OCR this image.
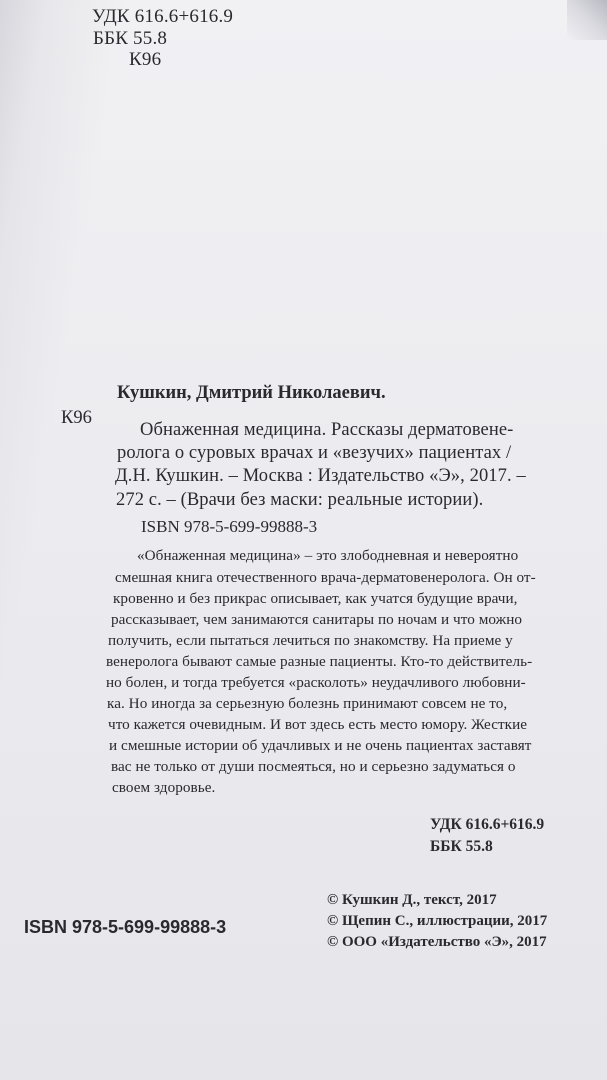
УДК 616.6+616.9
ББК 55.8
К96
Кушкин, Дмитрий Николаевич.
К96
Обнаженная медицина. Рассказы дерматовене-
ролога о суровых врачах и «везучих» пациентах /
Д.Н. Кушкин. – Москва : Издательство «Э», 2017. –
272 с. – (Врачи без маски: реальные истории).
ISBN 978-5-699-99888-3
«Обнаженная медицина» – это злободневная и невероятно
смешная книга отечественного врача-дерматовенеролога. Он от-
кровенно и без прикрас описывает, как учатся будущие врачи,
рассказывает, чем занимаются санитары по ночам и что можно
получить, если пытаться лечиться по знакомству. На приеме у
венеролога бывают самые разные пациенты. Кто-то действитель-
но болен, и тогда требуется «расколоть» неудачливого любовни-
ка. Но иногда за серьезную болезнь принимают совсем не то,
что кажется очевидным. И вот здесь есть место юмору. Жесткие
и смешные истории об удачливых и не очень пациентах заставят
вас не только от души посмеяться, но и серьезно задуматься о
своем здоровье.
УДК 616.6+616.9
ББК 55.8
© Кушкин Д., текст, 2017
© Щепин С., иллюстрации, 2017
© ООО «Издательство «Э», 2017
ISBN 978-5-699-99888-3
